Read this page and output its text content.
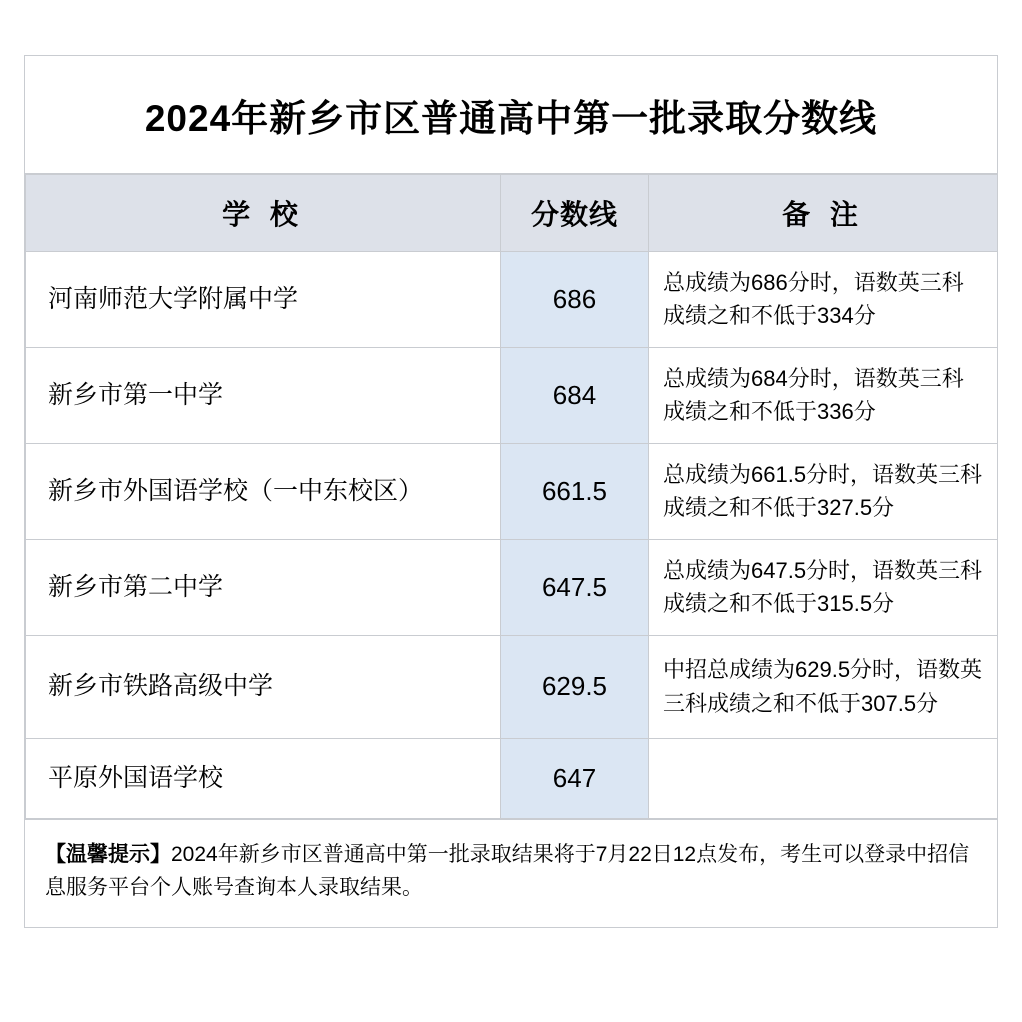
2024年新乡市区普通高中第一批录取分数线
学 校	分数线	备 注
河南师范大学附属中学	686	总成绩为686分时，语数英三科成绩之和不低于334分
新乡市第一中学	684	总成绩为684分时，语数英三科成绩之和不低于336分
新乡市外国语学校（一中东校区）	661.5	总成绩为661.5分时，语数英三科成绩之和不低于327.5分
新乡市第二中学	647.5	总成绩为647.5分时，语数英三科成绩之和不低于315.5分
新乡市铁路高级中学	629.5	中招总成绩为629.5分时，语数英三科成绩之和不低于307.5分
平原外国语学校	647	
【温馨提示】2024年新乡市区普通高中第一批录取结果将于7月22日12点发布，考生可以登录中招信息服务平台个人账号查询本人录取结果。
